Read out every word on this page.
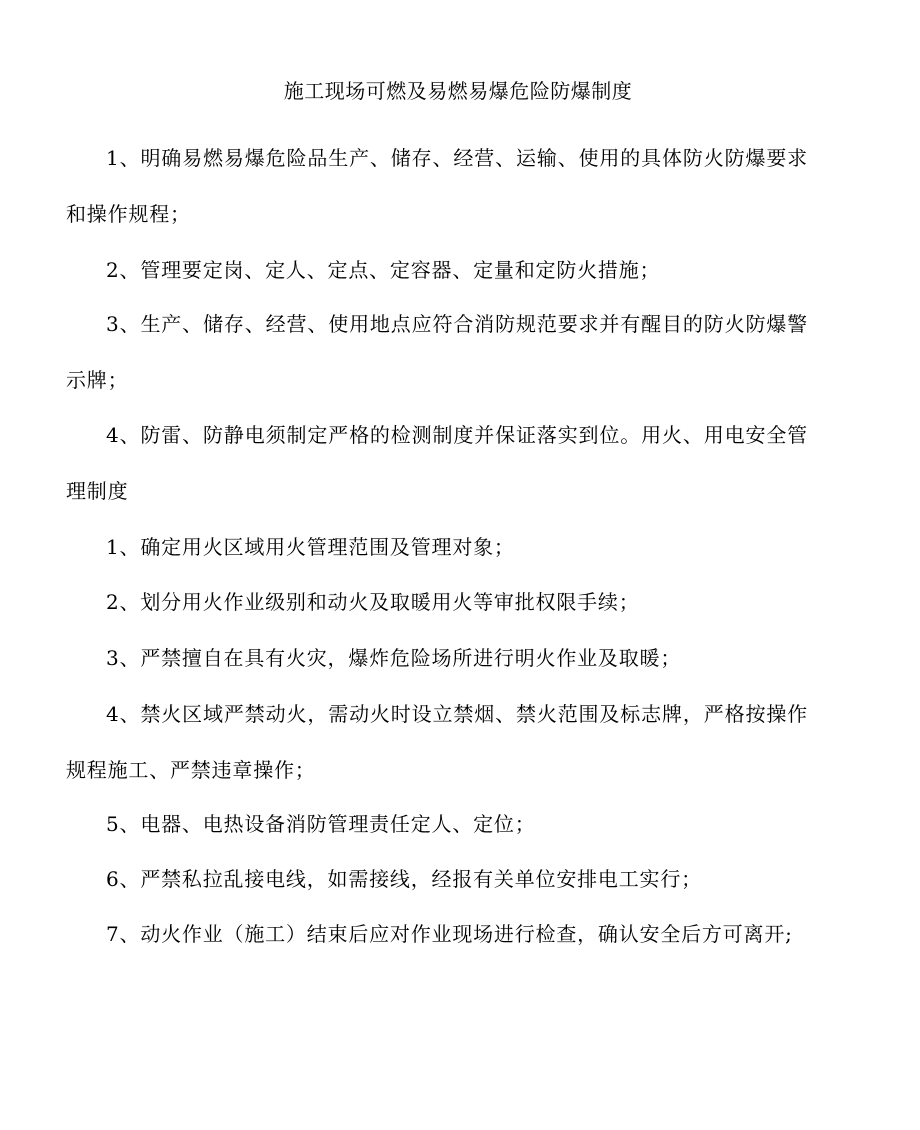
施工现场可燃及易燃易爆危险防爆制度

1、明确易燃易爆危险品生产、储存、经营、运输、使用的具体防火防爆要求和操作规程；

2、管理要定岗、定人、定点、定容器、定量和定防火措施；

3、生产、储存、经营、使用地点应符合消防规范要求并有醒目的防火防爆警示牌；

4、防雷、防静电须制定严格的检测制度并保证落实到位。用火、用电安全管理制度

1、确定用火区域用火管理范围及管理对象；

2、划分用火作业级别和动火及取暖用火等审批权限手续；

3、严禁擅自在具有火灾，爆炸危险场所进行明火作业及取暖；

4、禁火区域严禁动火，需动火时设立禁烟、禁火范围及标志牌，严格按操作规程施工、严禁违章操作；

5、电器、电热设备消防管理责任定人、定位；

6、严禁私拉乱接电线，如需接线，经报有关单位安排电工实行；

7、动火作业（施工）结束后应对作业现场进行检查，确认安全后方可离开;
